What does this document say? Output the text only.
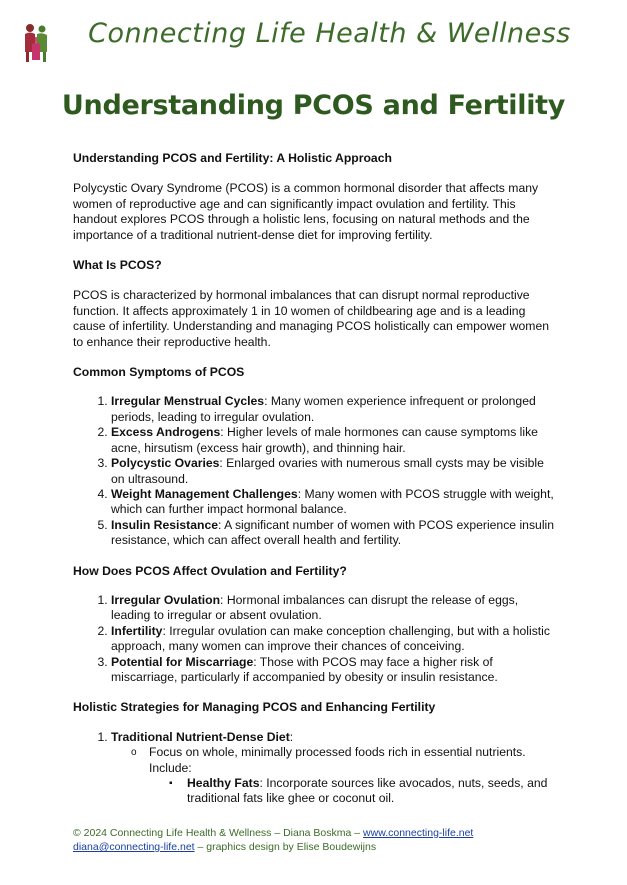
Connecting Life Health & Wellness
Understanding PCOS and Fertility

Understanding PCOS and Fertility: A Holistic Approach

Polycystic Ovary Syndrome (PCOS) is a common hormonal disorder that affects many women of reproductive age and can significantly impact ovulation and fertility. This handout explores PCOS through a holistic lens, focusing on natural methods and the importance of a traditional nutrient-dense diet for improving fertility.

What Is PCOS?

PCOS is characterized by hormonal imbalances that can disrupt normal reproductive function. It affects approximately 1 in 10 women of childbearing age and is a leading cause of infertility. Understanding and managing PCOS holistically can empower women to enhance their reproductive health.

Common Symptoms of PCOS

1. Irregular Menstrual Cycles: Many women experience infrequent or prolonged periods, leading to irregular ovulation.
2. Excess Androgens: Higher levels of male hormones can cause symptoms like acne, hirsutism (excess hair growth), and thinning hair.
3. Polycystic Ovaries: Enlarged ovaries with numerous small cysts may be visible on ultrasound.
4. Weight Management Challenges: Many women with PCOS struggle with weight, which can further impact hormonal balance.
5. Insulin Resistance: A significant number of women with PCOS experience insulin resistance, which can affect overall health and fertility.

How Does PCOS Affect Ovulation and Fertility?

1. Irregular Ovulation: Hormonal imbalances can disrupt the release of eggs, leading to irregular or absent ovulation.
2. Infertility: Irregular ovulation can make conception challenging, but with a holistic approach, many women can improve their chances of conceiving.
3. Potential for Miscarriage: Those with PCOS may face a higher risk of miscarriage, particularly if accompanied by obesity or insulin resistance.

Holistic Strategies for Managing PCOS and Enhancing Fertility

1. Traditional Nutrient-Dense Diet:
o Focus on whole, minimally processed foods rich in essential nutrients. Include:
▪ Healthy Fats: Incorporate sources like avocados, nuts, seeds, and traditional fats like ghee or coconut oil.
© 2024 Connecting Life Health & Wellness – Diana Boskma – www.connecting-life.net
diana@connecting-life.net – graphics design by Elise Boudewijns
